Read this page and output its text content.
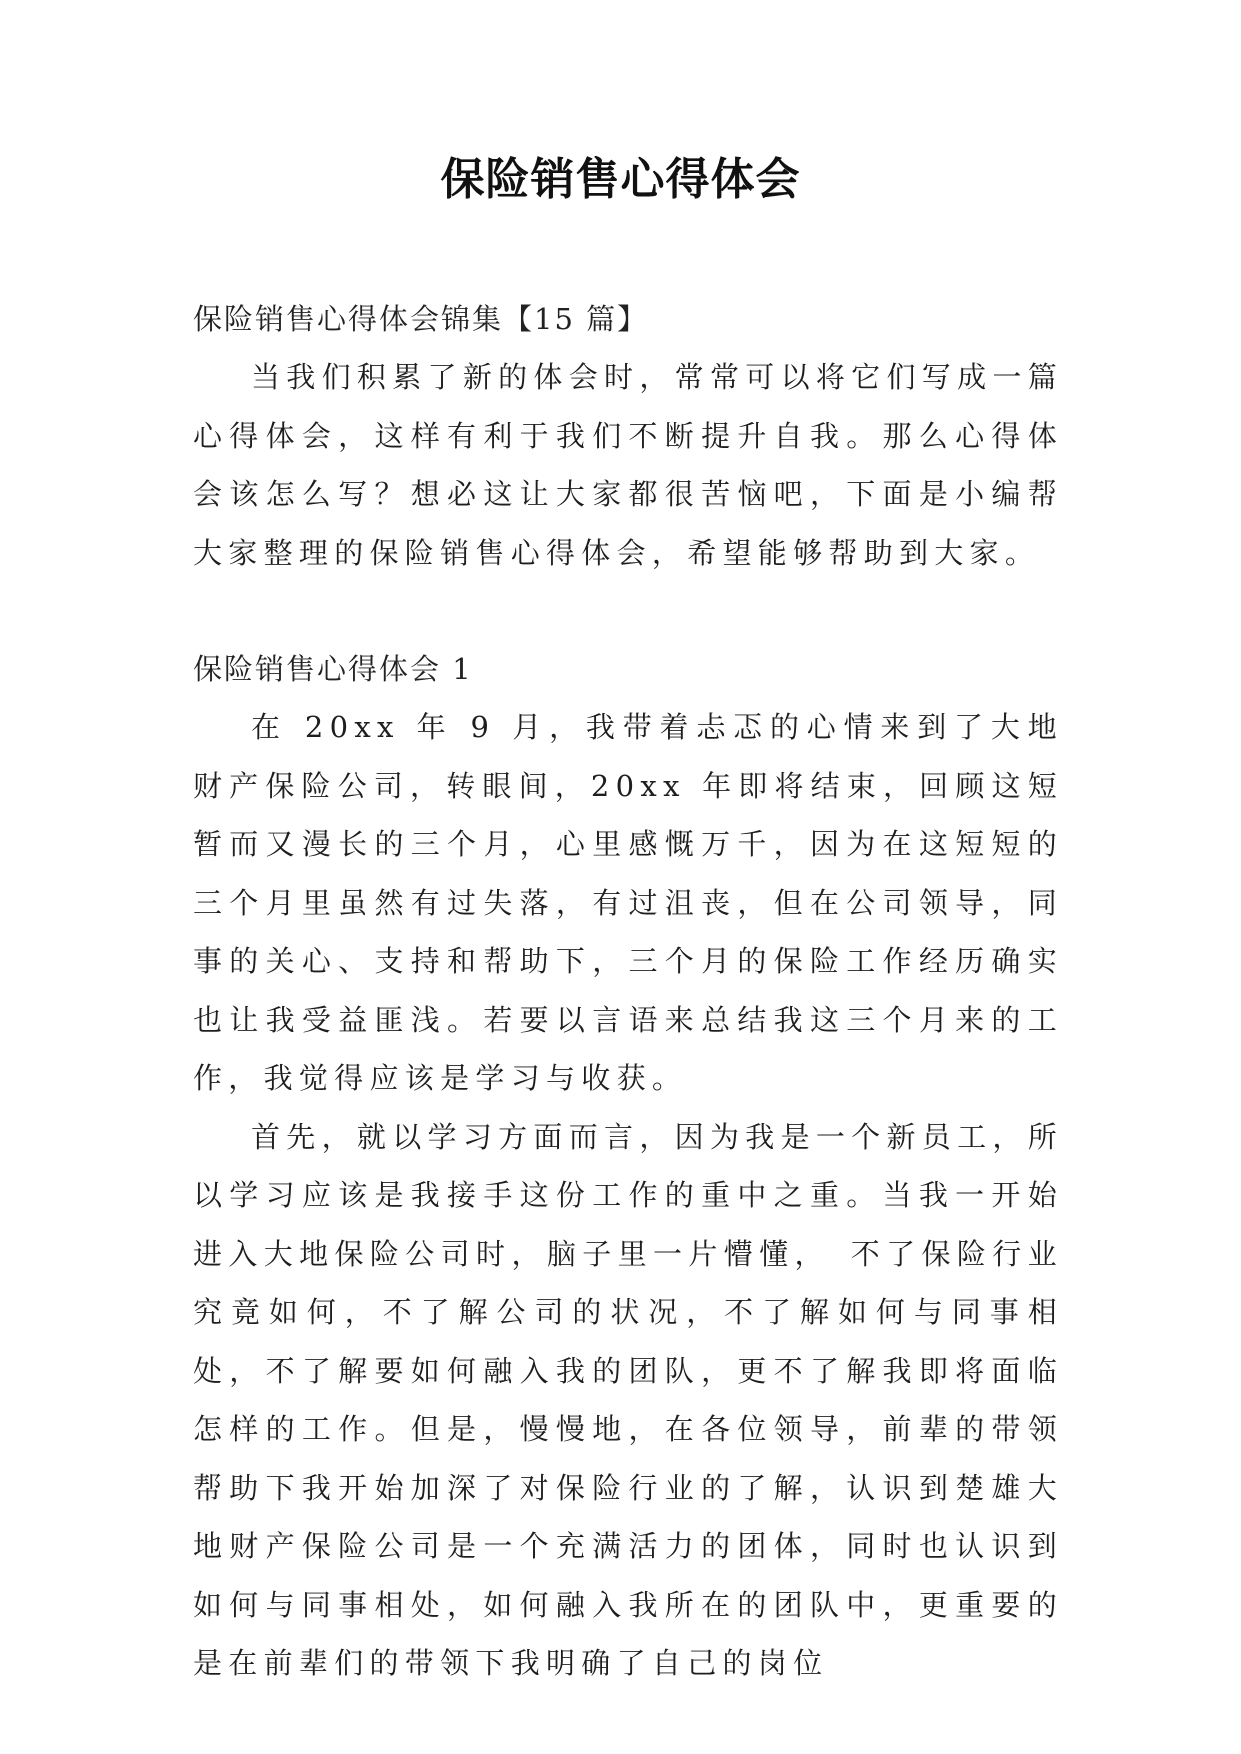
保险销售心得体会

保险销售心得体会锦集【15 篇】

当我们积累了新的体会时，常常可以将它们写成一篇心得体会，这样有利于我们不断提升自我。那么心得体会该怎么写？想必这让大家都很苦恼吧，下面是小编帮大家整理的保险销售心得体会，希望能够帮助到大家。

保险销售心得体会 1

在 20xx 年 9 月，我带着忐忑的心情来到了大地财产保险公司，转眼间，20xx 年即将结束，回顾这短暂而又漫长的三个月，心里感慨万千，因为在这短短的三个月里虽然有过失落，有过沮丧，但在公司领导，同事的关心、支持和帮助下，三个月的保险工作经历确实也让我受益匪浅。若要以言语来总结我这三个月来的工作，我觉得应该是学习与收获。

首先，就以学习方面而言，因为我是一个新员工，所以学习应该是我接手这份工作的重中之重。当我一开始进入大地保险公司时，脑子里一片懵懂，　不了保险行业究竟如何，不了解公司的状况，不了解如何与同事相处，不了解要如何融入我的团队，更不了解我即将面临怎样的工作。但是，慢慢地，在各位领导，前辈的带领帮助下我开始加深了对保险行业的了解，认识到楚雄大地财产保险公司是一个充满活力的团体，同时也认识到如何与同事相处，如何融入我所在的团队中，更重要的是在前辈们的带领下我明确了自己的岗位
